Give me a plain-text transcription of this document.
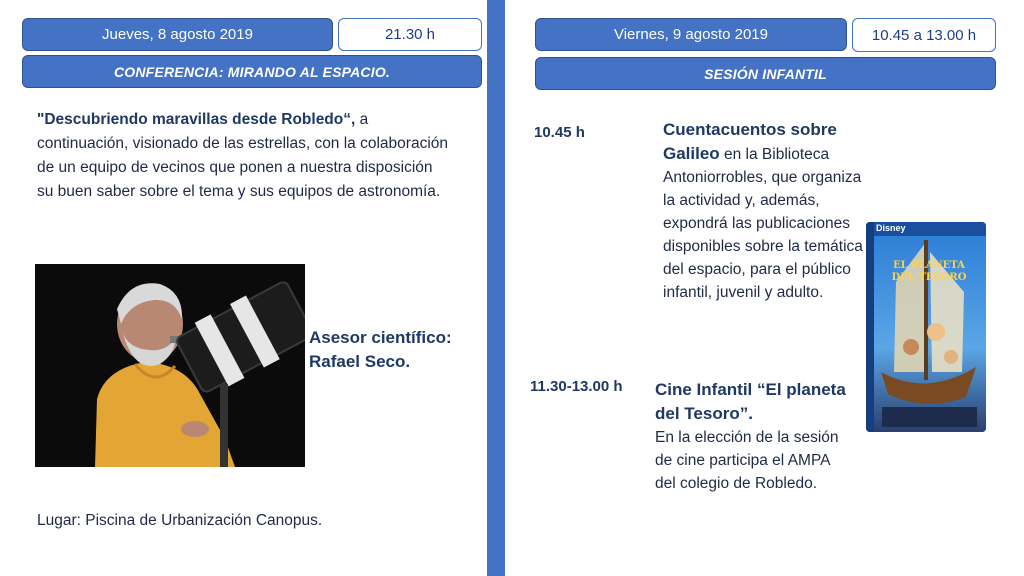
Jueves, 8 agosto 2019	21.30 h
CONFERENCIA: MIRANDO AL ESPACIO.
"Descubriendo maravillas desde Robledo“, a continuación, visionado de las estrellas, con la colaboración de un equipo de vecinos que ponen a nuestra disposición su buen saber sobre el tema y sus equipos de astronomía.
Asesor científico:
Rafael Seco.
Lugar: Piscina de Urbanización Canopus.
Viernes, 9 agosto 2019	10.45 a 13.00 h
SESIÓN INFANTIL
10.45 h	Cuentacuentos sobre Galileo en la Biblioteca Antoniorrobles, que organiza la actividad y, además, expondrá las publicaciones disponibles sobre la temática del espacio, para el público infantil, juvenil y adulto.
Disney
EL PLANETA DEL TESORO
11.30-13.00 h Cine Infantil “El planeta del Tesoro”.
En la elección de la sesión de cine participa el AMPA del colegio de Robledo.
